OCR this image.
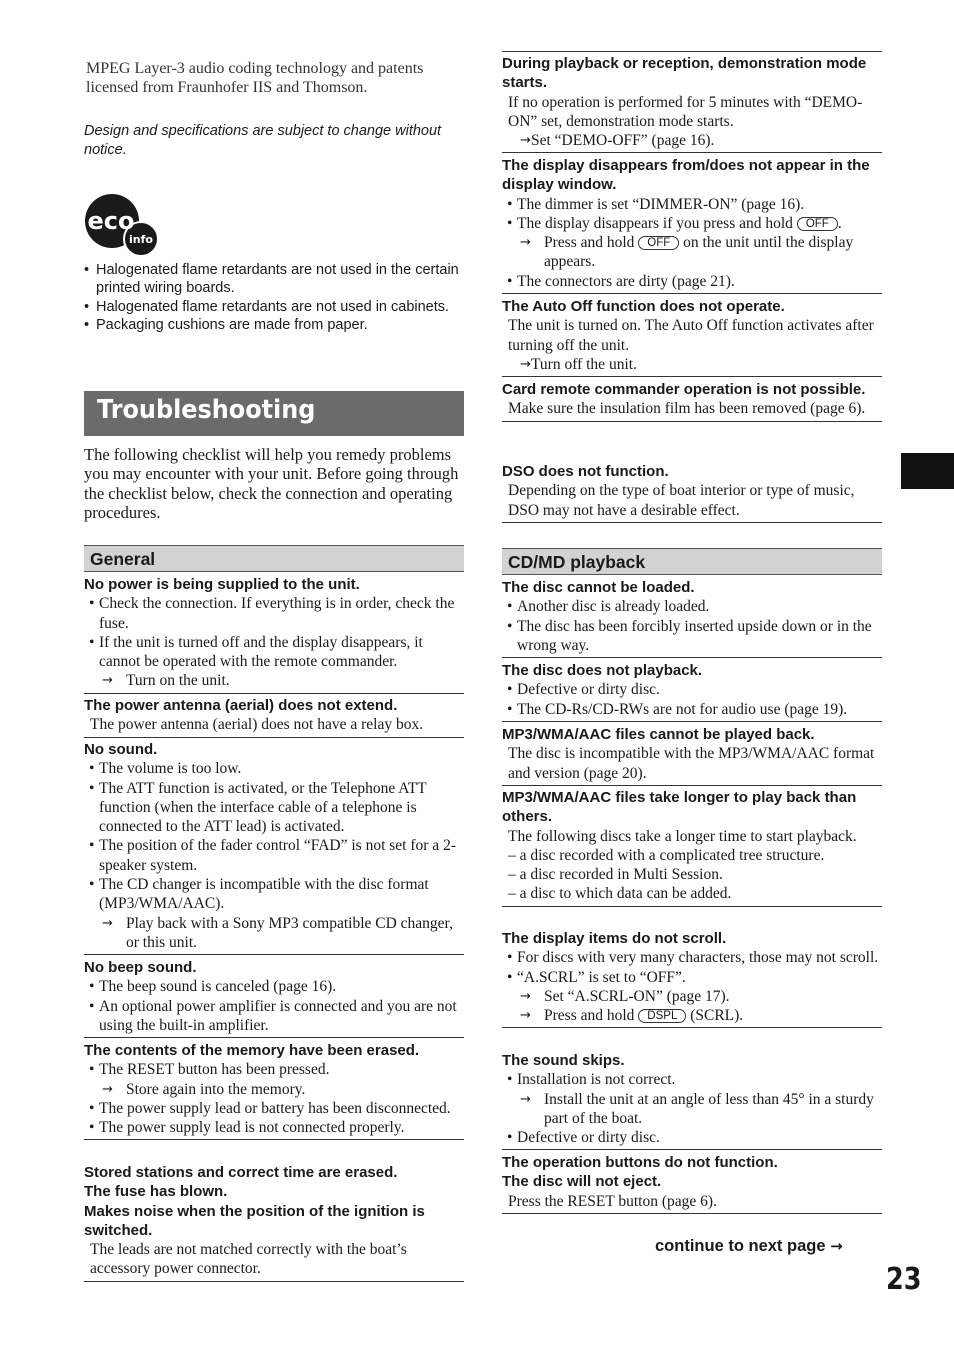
MPEG Layer-3 audio coding technology and patents licensed from Fraunhofer IIS and Thomson.
Design and specifications are subject to change without notice.
eco
info
• Halogenated flame retardants are not used in the certain printed wiring boards.
• Halogenated flame retardants are not used in cabinets.
• Packaging cushions are made from paper.
Troubleshooting
The following checklist will help you remedy problems you may encounter with your unit. Before going through the checklist below, check the connection and operating procedures.
General
No power is being supplied to the unit.
• Check the connection. If everything is in order, check the fuse.
• If the unit is turned off and the display disappears, it cannot be operated with the remote commander.
→ Turn on the unit.
The power antenna (aerial) does not extend.
The power antenna (aerial) does not have a relay box.
No sound.
• The volume is too low.
• The ATT function is activated, or the Telephone ATT function (when the interface cable of a telephone is connected to the ATT lead) is activated.
• The position of the fader control “FAD” is not set for a 2-speaker system.
• The CD changer is incompatible with the disc format (MP3/WMA/AAC).
→ Play back with a Sony MP3 compatible CD changer, or this unit.
No beep sound.
• The beep sound is canceled (page 16).
• An optional power amplifier is connected and you are not using the built-in amplifier.
The contents of the memory have been erased.
• The RESET button has been pressed.
→ Store again into the memory.
• The power supply lead or battery has been disconnected.
• The power supply lead is not connected properly.
Stored stations and correct time are erased.
The fuse has blown.
Makes noise when the position of the ignition is switched.
The leads are not matched correctly with the boat’s accessory power connector.
During playback or reception, demonstration mode starts.
If no operation is performed for 5 minutes with “DEMO-ON” set, demonstration mode starts.
→ Set “DEMO-OFF” (page 16).
The display disappears from/does not appear in the display window.
• The dimmer is set “DIMMER-ON” (page 16).
• The display disappears if you press and hold OFF .
→ Press and hold OFF on the unit until the display appears.
• The connectors are dirty (page 21).
The Auto Off function does not operate.
The unit is turned on. The Auto Off function activates after turning off the unit.
→ Turn off the unit.
Card remote commander operation is not possible.
Make sure the insulation film has been removed (page 6).
DSO does not function.
Depending on the type of boat interior or type of music, DSO may not have a desirable effect.
CD/MD playback
The disc cannot be loaded.
• Another disc is already loaded.
• The disc has been forcibly inserted upside down or in the wrong way.
The disc does not playback.
• Defective or dirty disc.
• The CD-Rs/CD-RWs are not for audio use (page 19).
MP3/WMA/AAC files cannot be played back.
The disc is incompatible with the MP3/WMA/AAC format and version (page 20).
MP3/WMA/AAC files take longer to play back than others.
The following discs take a longer time to start playback.
– a disc recorded with a complicated tree structure.
– a disc recorded in Multi Session.
– a disc to which data can be added.
The display items do not scroll.
• For discs with very many characters, those may not scroll.
• “A.SCRL” is set to “OFF”.
→ Set “A.SCRL-ON” (page 17).
→ Press and hold DSPL (SCRL).
The sound skips.
• Installation is not correct.
→ Install the unit at an angle of less than 45° in a sturdy part of the boat.
• Defective or dirty disc.
The operation buttons do not function.
The disc will not eject.
Press the RESET button (page 6).
continue to next page →
23
